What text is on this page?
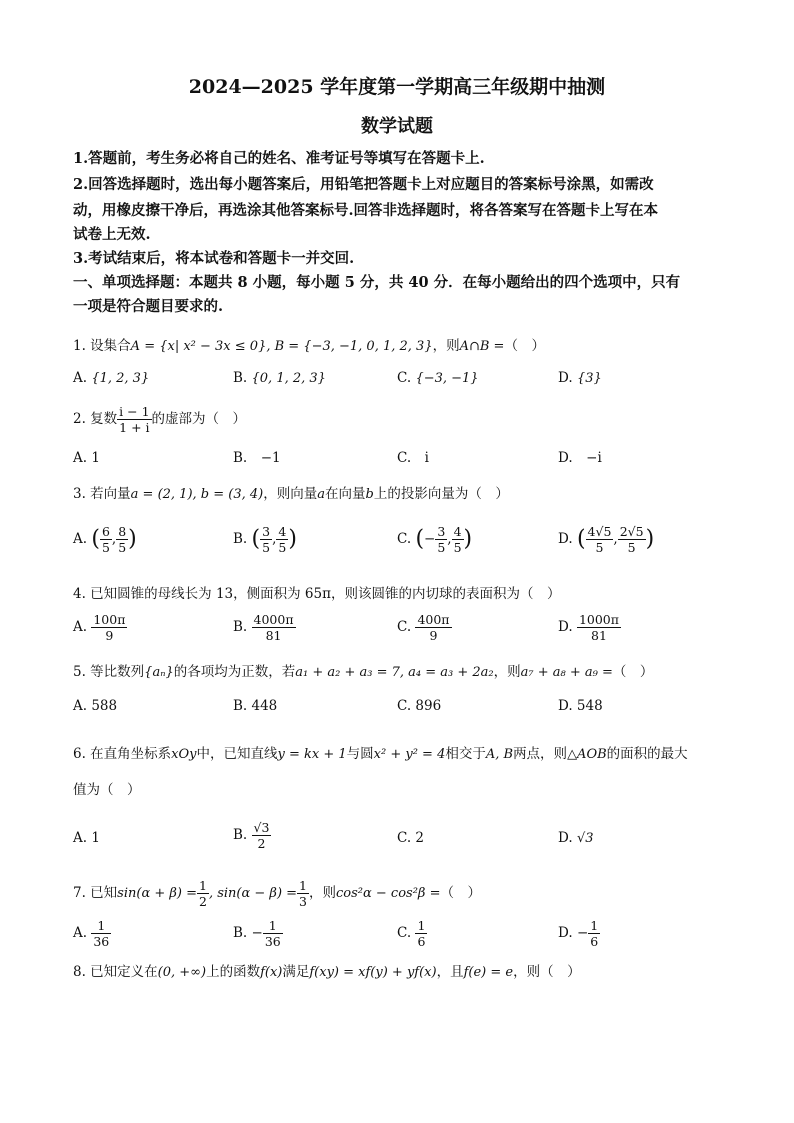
2024—2025 学年度第一学期高三年级期中抽测
数学试题
1.答题前，考生务必将自己的姓名、准考证号等填写在答题卡上.
2.回答选择题时，选出每小题答案后，用铅笔把答题卡上对应题目的答案标号涂黑，如需改
动，用橡皮擦干净后，再选涂其他答案标号.回答非选择题时，将各答案写在答题卡上写在本
试卷上无效.
3.考试结束后，将本试卷和答题卡一并交回.
一、单项选择题：本题共 8 小题，每小题 5 分，共 40 分．在每小题给出的四个选项中，只有
一项是符合题目要求的.
1. 设集合A = {x| x² − 3x ≤ 0}, B = {−3, −1, 0, 1, 2, 3}，则A∩B =（　）
A. {1, 2, 3}	B. {0, 1, 2, 3}	C. {−3, −1}	D. {3}
2. 复数 $\frac{i - 1}{1 + i}$ 的虚部为（　）
A. 1	B.　−1	C.　i	D.　−i
3. 若向量a = (2, 1), b = (3, 4)，则向量a在向量b上的投影向量为（　）
A. ( $\frac{6}{5}$ , $\frac{8}{5}$ )	B. ( $\frac{3}{5}$ , $\frac{4}{5}$ )	C. (− $\frac{3}{5}$ , $\frac{4}{5}$ )	D. ( $\frac{4√5}{5}$ , $\frac{2√5}{5}$ )
4. 已知圆锥的母线长为 13，侧面积为 65π，则该圆锥的内切球的表面积为（　）
A. $\frac{100\pi}{9}$	B. $\frac{4000\pi}{81}$	C. $\frac{400\pi}{9}$	D. $\frac{1000\pi}{81}$
5. 等比数列{aₙ}的各项均为正数，若a₁ + a₂ + a₃ = 7, a₄ = a₃ + 2a₂，则a₇ + a₈ + a₉ =（　）
A. 588	B. 448	C. 896	D. 548
6. 在直角坐标系xOy中，已知直线y = kx + 1与圆x² + y² = 4相交于A, B两点，则△AOB的面积的最大
值为（　）
A. 1	B. $\frac{√3}{2}$	C. 2	D. √3
7. 已知$\sin(\alpha + \beta) = \frac{1}{2}$ , $\sin(\alpha - \beta) = \frac{1}{3}$ ，则cos²α − cos²β =（　）
A. $\frac{1}{36}$	B. − $\frac{1}{36}$	C. $\frac{1}{6}$	D. − $\frac{1}{6}$
8. 已知定义在(0, +∞)上的函数f(x)满足f(xy) = xf(y) + yf(x)，且f(e) = e，则（　）
